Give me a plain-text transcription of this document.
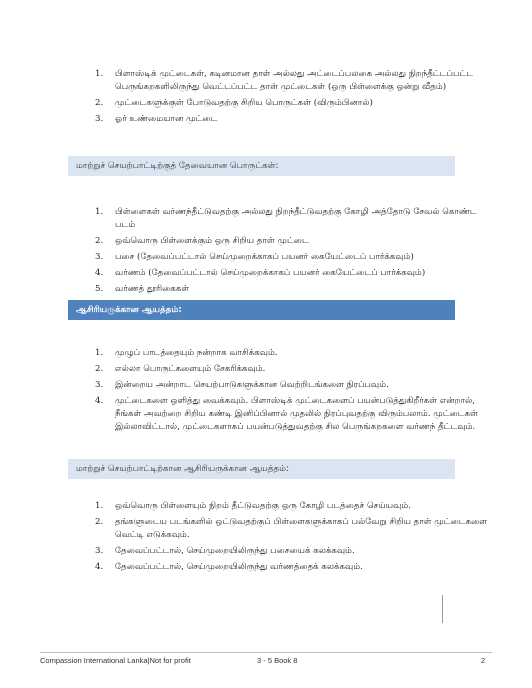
1. பிளாஸ்டிக் முட்டைகள், கடினமான தாள் அல்லது அட்டைப்பலகை அல்லது நிறந்தீட்டப்பட்ட பெருங்கறகளிலிருந்து வெட்டப்பட்ட தாள் முட்டைகள் (ஒரு பிள்ளைக்கு ஒன்று வீதம்)
2. முட்டைகளுக்குள் போடுவதற்கு சிறிய பொருட்கள் (விரும்பினால்)
3. ஓர் உண்மையான முட்டை
மாற்றுச் செயற்பாட்டிற்குத் தேவையான பொருட்கள்:
1. பிள்ளைகள் வர்ணந்தீட்டுவதற்கு அல்லது நிறந்தீட்டுவதற்கு கோழி அத்தோடு சேவல் கொண்ட படம்
2. ஒவ்வொரு பிள்ளைக்கும் ஒரு சிறிய தாள் முட்டை
3. பசை (தேவைப்பட்டால் செய்முறைக்காகப் பயனர் கையேட்டைப் பார்க்கவும்)
4. வர்ணம் (தேவைப்பட்டால் செய்முறைக்காகப் பயனர் கையேட்டைப் பார்க்கவும்)
5. வர்ணத் தூரிகைகள்
ஆசிரியருக்கான ஆயத்தம்:
1. முழுப் பாடத்தையும் நன்றாக வாசிக்கவும்.
2. எல்லா பொருட்களையும் சேகரிக்கவும்.
3. இன்றைய அன்றாட செயற்பாடுகளுக்கான வெற்றிடங்களை நிரப்பவும்.
4. முட்டைகளை ஒளித்து வைக்கவும். பிளாஸ்டிக் முட்டைகளைப் பயன்படுத்துகிறீர்கள் என்றால், நீங்கள் அவற்றை சிறிய கண்டி இனிப்பினால் முதலில் நிரப்புவதற்கு விரும்பலாம். முட்டைகள் இல்லாவிட்டால், முட்டைகளாகப் பயன்படுத்துவதற்கு சில பெருங்கறகளை வர்ணந் தீட்டவும்.
மாற்றுச் செயற்பாட்டிற்கான ஆசிரியருக்கான ஆயத்தம்:
1. ஒவ்வொரு பிள்ளையும் நிறம் தீட்டுவதற்கு ஒரு கோழி படத்தைச் செய்யவும்.
2. தங்களுடைய படங்களில் ஒட்டுவதற்குப் பிள்ளைகளுக்காகப் பல்வேறு சிறிய தாள் முட்டைகளை வெட்டி எடுக்கவும்.
3. தேவைப்பட்டால், செய்முறையிலிருந்து பசையைக் கலக்கவும்.
4. தேவைப்பட்டால், செய்முறையிலிருந்து வர்ணத்தைக் கலக்கவும்.
Compassion International Lanka|Not for profit	3 - 5 Book 8	2
